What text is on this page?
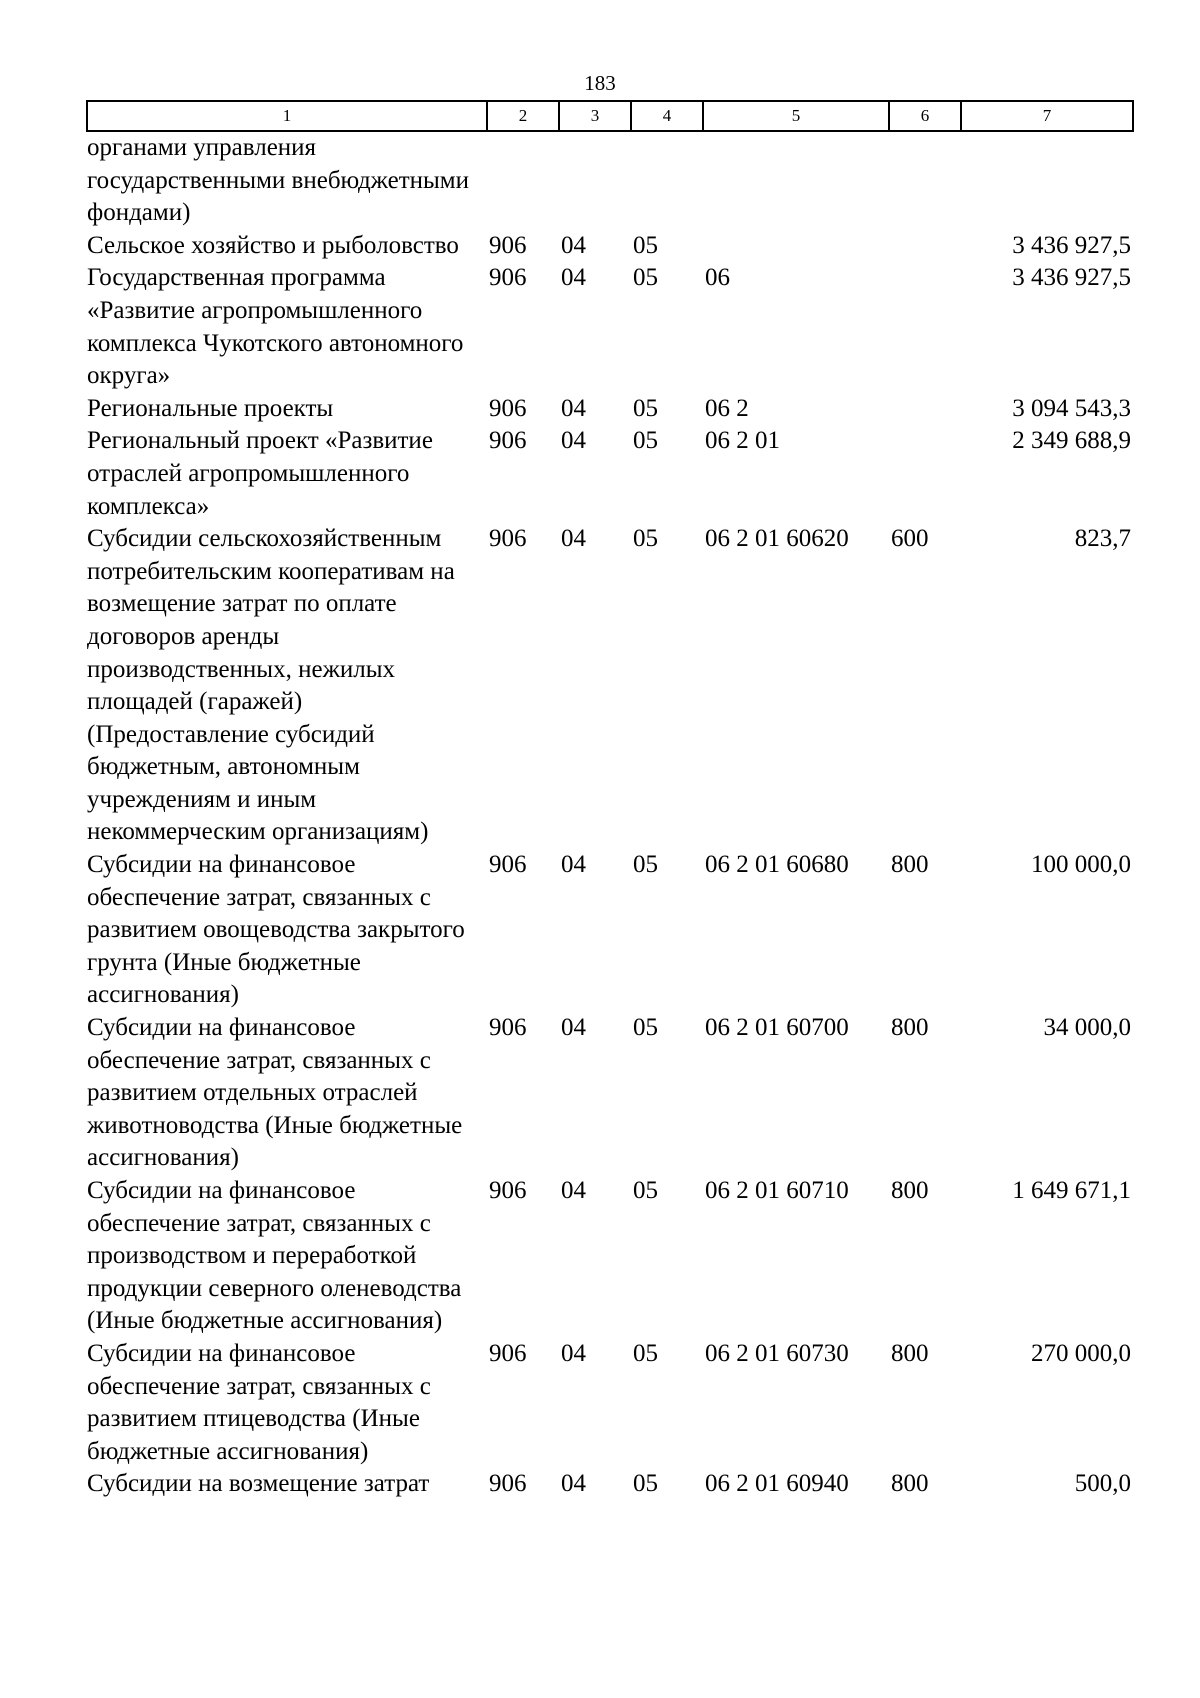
183
1	2	3	4	5	6	7
органами управления государственными внебюджетными фондами)						
Сельское хозяйство и рыболовство	906	04	05			3 436 927,5
Государственная программа «Развитие агропромышленного комплекса Чукотского автономного округа»	906	04	05	06		3 436 927,5
Региональные проекты	906	04	05	06 2		3 094 543,3
Региональный проект «Развитие отраслей агропромышленного комплекса»	906	04	05	06 2 01		2 349 688,9
Субсидии сельскохозяйственным потребительским кооперативам на возмещение затрат по оплате договоров аренды производственных, нежилых площадей (гаражей) (Предоставление субсидий бюджетным, автономным учреждениям и иным некоммерческим организациям)	906	04	05	06 2 01 60620	600	823,7
Субсидии на финансовое обеспечение затрат, связанных с развитием овощеводства закрытого грунта (Иные бюджетные ассигнования)	906	04	05	06 2 01 60680	800	100 000,0
Субсидии на финансовое обеспечение затрат, связанных с развитием отдельных отраслей животноводства (Иные бюджетные ассигнования)	906	04	05	06 2 01 60700	800	34 000,0
Субсидии на финансовое обеспечение затрат, связанных с производством и переработкой продукции северного оленеводства (Иные бюджетные ассигнования)	906	04	05	06 2 01 60710	800	1 649 671,1
Субсидии на финансовое обеспечение затрат, связанных с развитием птицеводства (Иные бюджетные ассигнования)	906	04	05	06 2 01 60730	800	270 000,0
Субсидии на возмещение затрат	906	04	05	06 2 01 60940	800	500,0
